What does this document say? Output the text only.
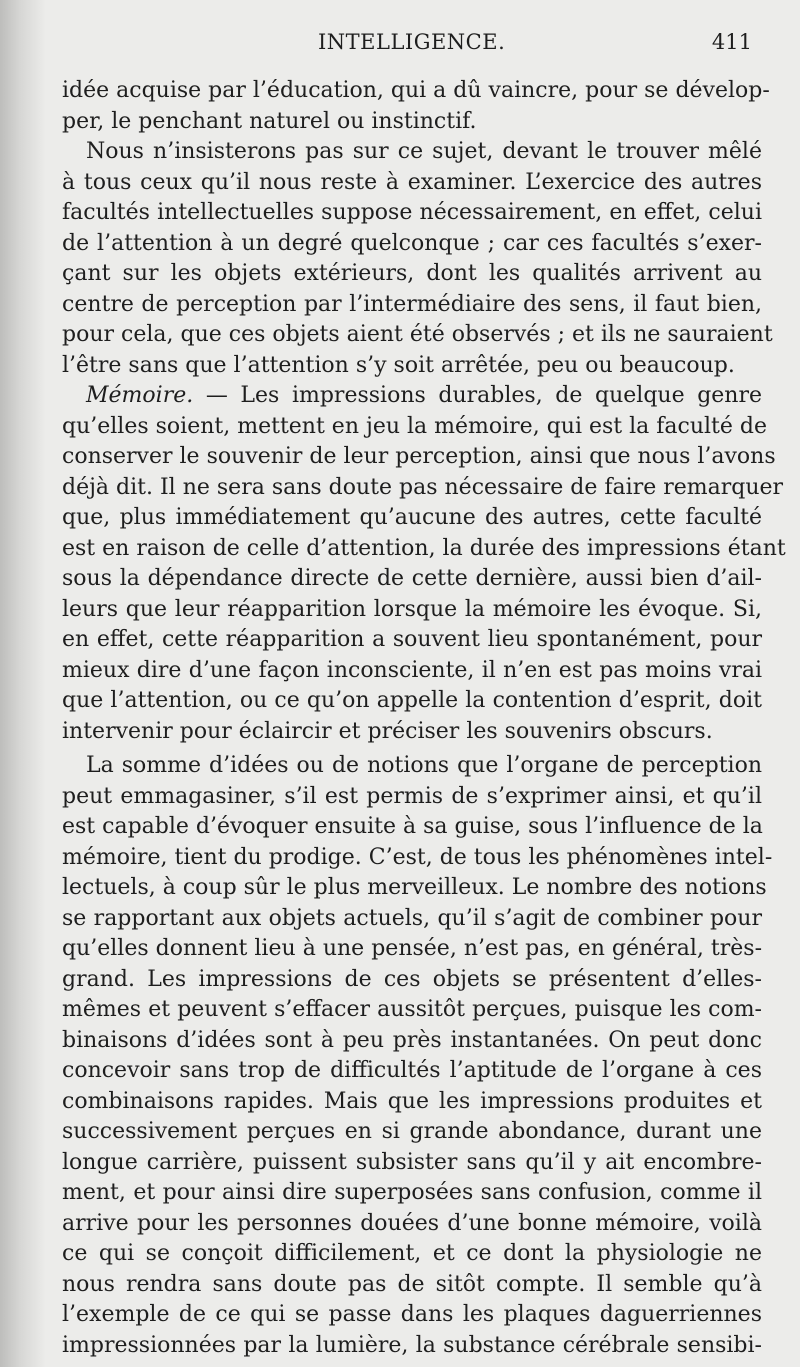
INTELLIGENCE.	411
idée acquise par l’éducation, qui a dû vaincre, pour se dévelop-
per, le penchant naturel ou instinctif.
Nous n’insisterons pas sur ce sujet, devant le trouver mêlé
à tous ceux qu’il nous reste à examiner. L’exercice des autres
facultés intellectuelles suppose nécessairement, en effet, celui
de l’attention à un degré quelconque ; car ces facultés s’exer-
çant sur les objets extérieurs, dont les qualités arrivent au
centre de perception par l’intermédiaire des sens, il faut bien,
pour cela, que ces objets aient été observés ; et ils ne sauraient
l’être sans que l’attention s’y soit arrêtée, peu ou beaucoup.
Mémoire. — Les impressions durables, de quelque genre
qu’elles soient, mettent en jeu la mémoire, qui est la faculté de
conserver le souvenir de leur perception, ainsi que nous l’avons
déjà dit. Il ne sera sans doute pas nécessaire de faire remarquer
que, plus immédiatement qu’aucune des autres, cette faculté
est en raison de celle d’attention, la durée des impressions étant
sous la dépendance directe de cette dernière, aussi bien d’ail-
leurs que leur réapparition lorsque la mémoire les évoque. Si,
en effet, cette réapparition a souvent lieu spontanément, pour
mieux dire d’une façon inconsciente, il n’en est pas moins vrai
que l’attention, ou ce qu’on appelle la contention d’esprit, doit
intervenir pour éclaircir et préciser les souvenirs obscurs.
La somme d’idées ou de notions que l’organe de perception
peut emmagasiner, s’il est permis de s’exprimer ainsi, et qu’il
est capable d’évoquer ensuite à sa guise, sous l’influence de la
mémoire, tient du prodige. C’est, de tous les phénomènes intel-
lectuels, à coup sûr le plus merveilleux. Le nombre des notions
se rapportant aux objets actuels, qu’il s’agit de combiner pour
qu’elles donnent lieu à une pensée, n’est pas, en général, très-
grand. Les impressions de ces objets se présentent d’elles-
mêmes et peuvent s’effacer aussitôt perçues, puisque les com-
binaisons d’idées sont à peu près instantanées. On peut donc
concevoir sans trop de difficultés l’aptitude de l’organe à ces
combinaisons rapides. Mais que les impressions produites et
successivement perçues en si grande abondance, durant une
longue carrière, puissent subsister sans qu’il y ait encombre-
ment, et pour ainsi dire superposées sans confusion, comme il
arrive pour les personnes douées d’une bonne mémoire, voilà
ce qui se conçoit difficilement, et ce dont la physiologie ne
nous rendra sans doute pas de sitôt compte. Il semble qu’à
l’exemple de ce qui se passe dans les plaques daguerriennes
impressionnées par la lumière, la substance cérébrale sensibi-
